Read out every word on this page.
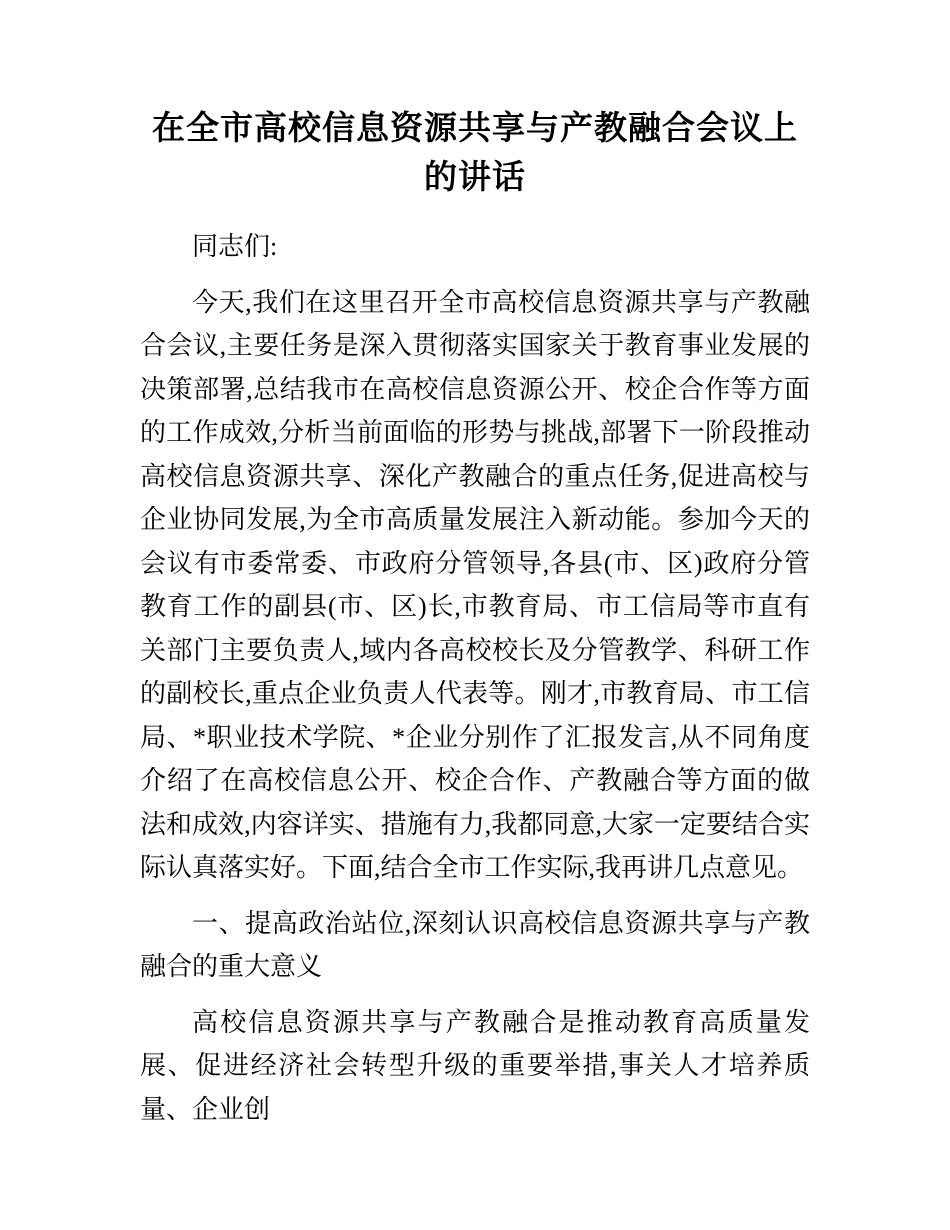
在全市高校信息资源共享与产教融合会议上的讲话

同志们:

今天,我们在这里召开全市高校信息资源共享与产教融合会议,主要任务是深入贯彻落实国家关于教育事业发展的决策部署,总结我市在高校信息资源公开、校企合作等方面的工作成效,分析当前面临的形势与挑战,部署下一阶段推动高校信息资源共享、深化产教融合的重点任务,促进高校与企业协同发展,为全市高质量发展注入新动能。参加今天的会议有市委常委、市政府分管领导,各县(市、区)政府分管教育工作的副县(市、区)长,市教育局、市工信局等市直有关部门主要负责人,域内各高校校长及分管教学、科研工作的副校长,重点企业负责人代表等。刚才,市教育局、市工信局、*职业技术学院、*企业分别作了汇报发言,从不同角度介绍了在高校信息公开、校企合作、产教融合等方面的做法和成效,内容详实、措施有力,我都同意,大家一定要结合实际认真落实好。下面,结合全市工作实际,我再讲几点意见。

一、提高政治站位,深刻认识高校信息资源共享与产教融合的重大意义

高校信息资源共享与产教融合是推动教育高质量发展、促进经济社会转型升级的重要举措,事关人才培养质量、企业创
